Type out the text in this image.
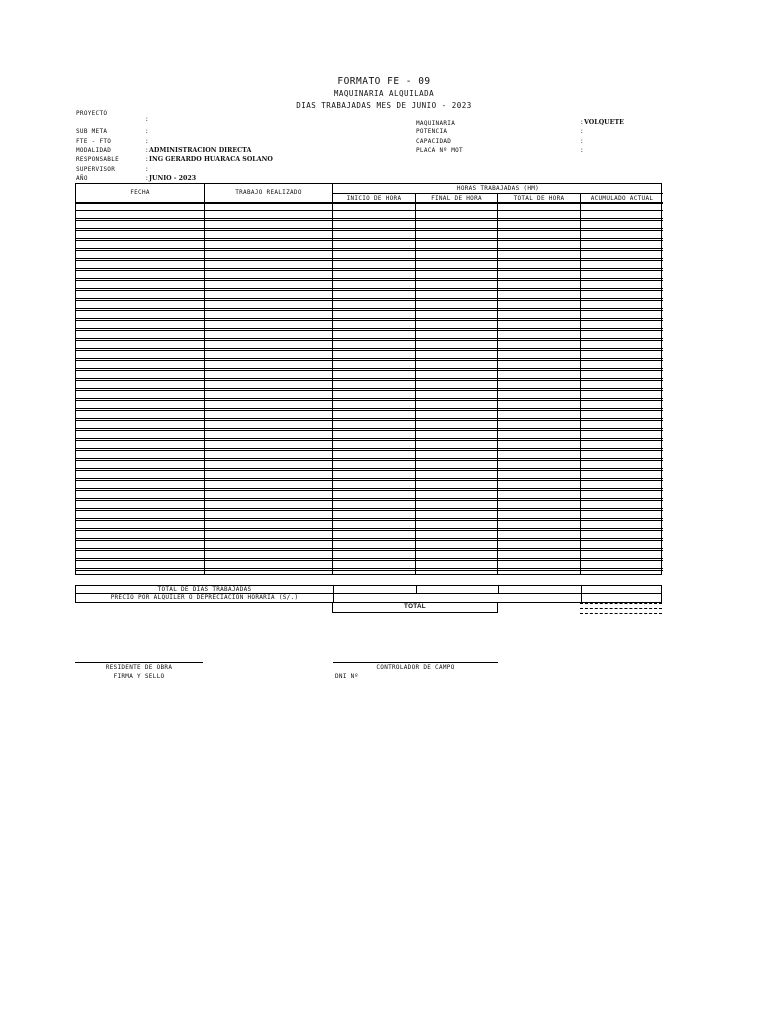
FORMATO FE - 09
MAQUINARIA ALQUILADA
DIAS TRABAJADAS MES DE JUNIO - 2023
PROYECTO
:
SUB META	:
FTE - FTO	:
MODALIDAD	: ADMINISTRACION DIRECTA
RESPONSABLE	: ING GERARDO HUARACA SOLANO
SUPERVISOR	:
AÑO	: JUNIO - 2023
MAQUINARIA	: VOLQUETE
POTENCIA	:
CAPACIDAD	:
PLACA Nº MOT	:
FECHA	TRABAJO REALIZADO
HORAS TRABAJADAS (HM)
INICIO DE HORA	FINAL DE HORA	TOTAL DE HORA	ACUMULADO ACTUAL
TOTAL DE DIAS TRABAJADAS
PRECIO POR ALQUILER O DEPRECIACION HORARIA (S/.)
TOTAL
RESIDENTE DE OBRA
FIRMA Y SELLO
CONTROLADOR DE CAMPO
DNI Nº
